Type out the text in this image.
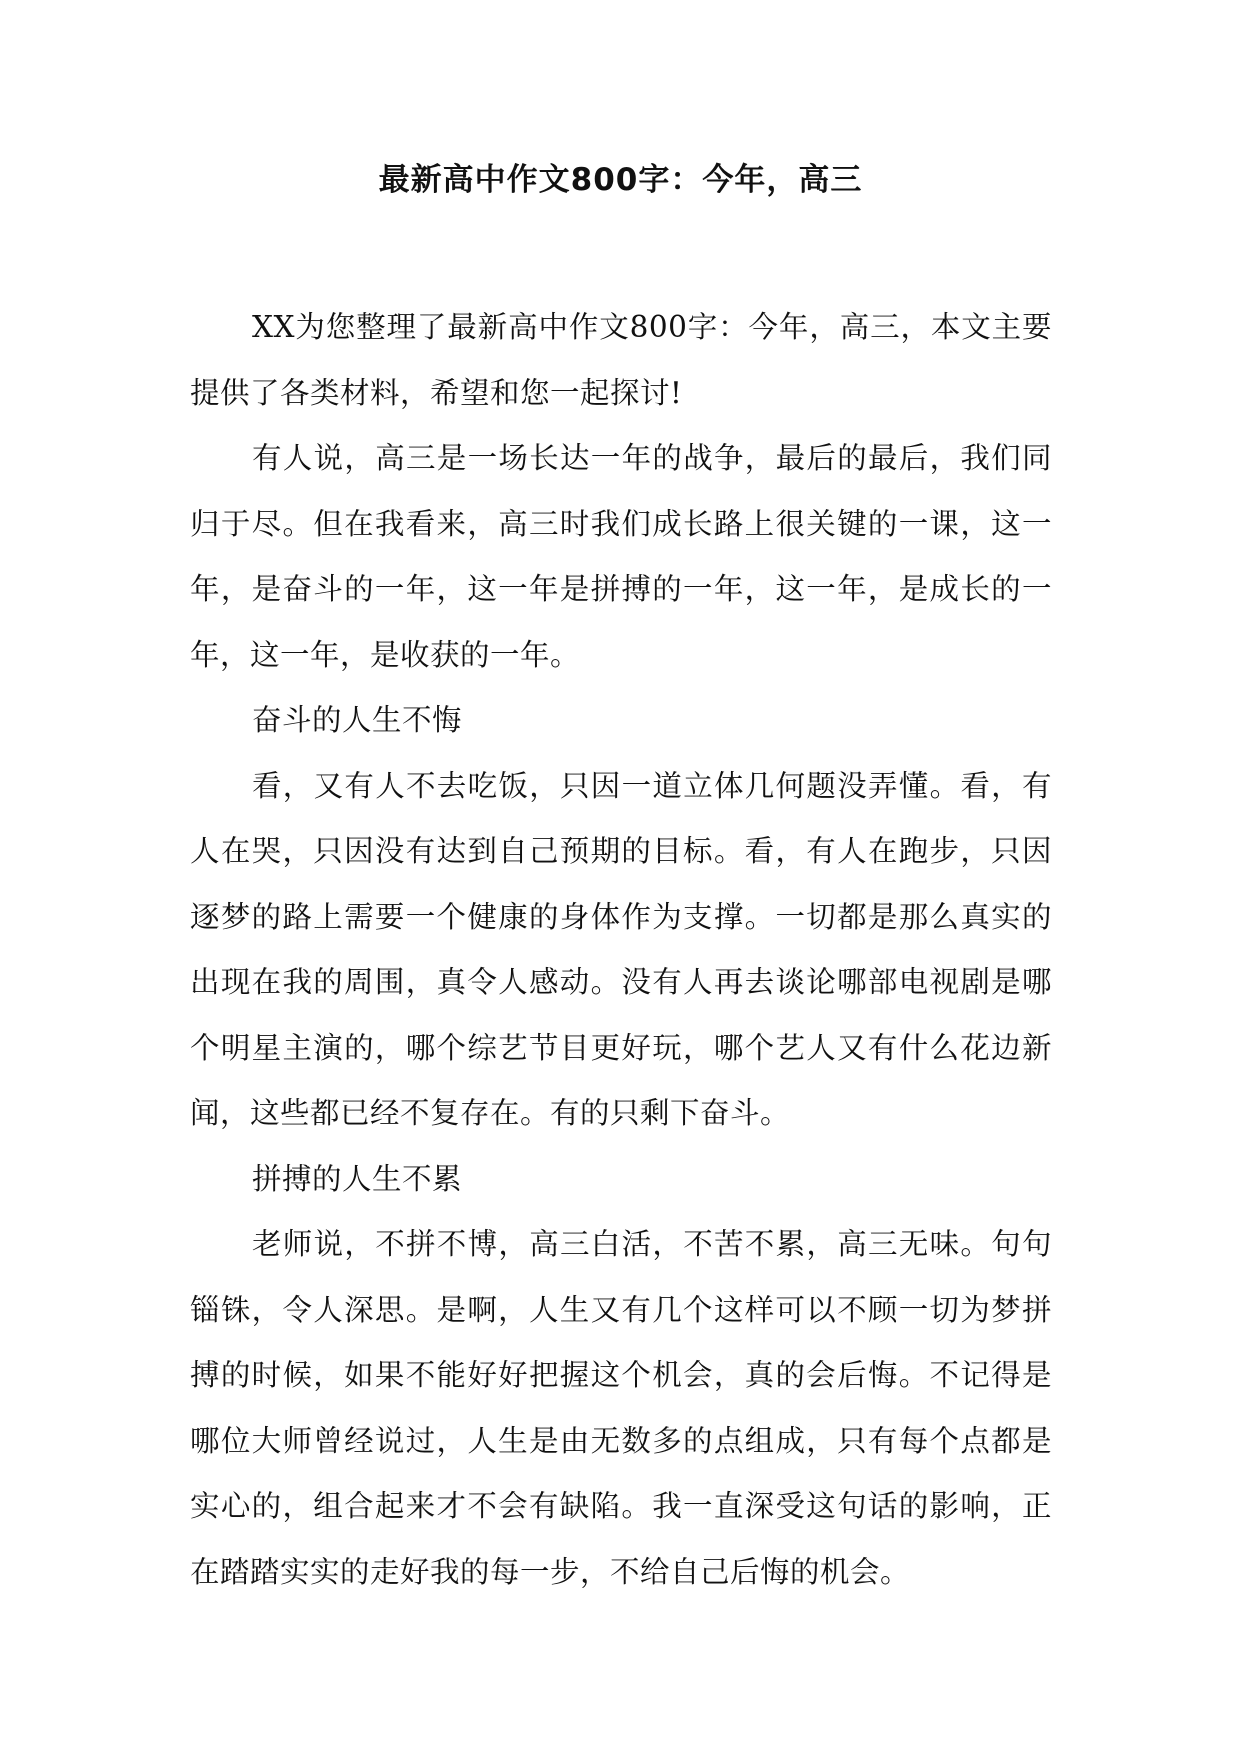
最新高中作文800字：今年，高三

XX为您整理了最新高中作文800字：今年，高三，本文主要提供了各类材料，希望和您一起探讨!

有人说，高三是一场长达一年的战争，最后的最后，我们同归于尽。但在我看来，高三时我们成长路上很关键的一课，这一年，是奋斗的一年，这一年是拼搏的一年，这一年，是成长的一年，这一年，是收获的一年。

奋斗的人生不悔

看，又有人不去吃饭，只因一道立体几何题没弄懂。看，有人在哭，只因没有达到自己预期的目标。看，有人在跑步，只因逐梦的路上需要一个健康的身体作为支撑。一切都是那么真实的出现在我的周围，真令人感动。没有人再去谈论哪部电视剧是哪个明星主演的，哪个综艺节目更好玩，哪个艺人又有什么花边新闻，这些都已经不复存在。有的只剩下奋斗。

拼搏的人生不累

老师说，不拼不博，高三白活，不苦不累，高三无味。句句锱铢，令人深思。是啊，人生又有几个这样可以不顾一切为梦拼搏的时候，如果不能好好把握这个机会，真的会后悔。不记得是哪位大师曾经说过，人生是由无数多的点组成，只有每个点都是实心的，组合起来才不会有缺陷。我一直深受这句话的影响，正在踏踏实实的走好我的每一步，不给自己后悔的机会。
